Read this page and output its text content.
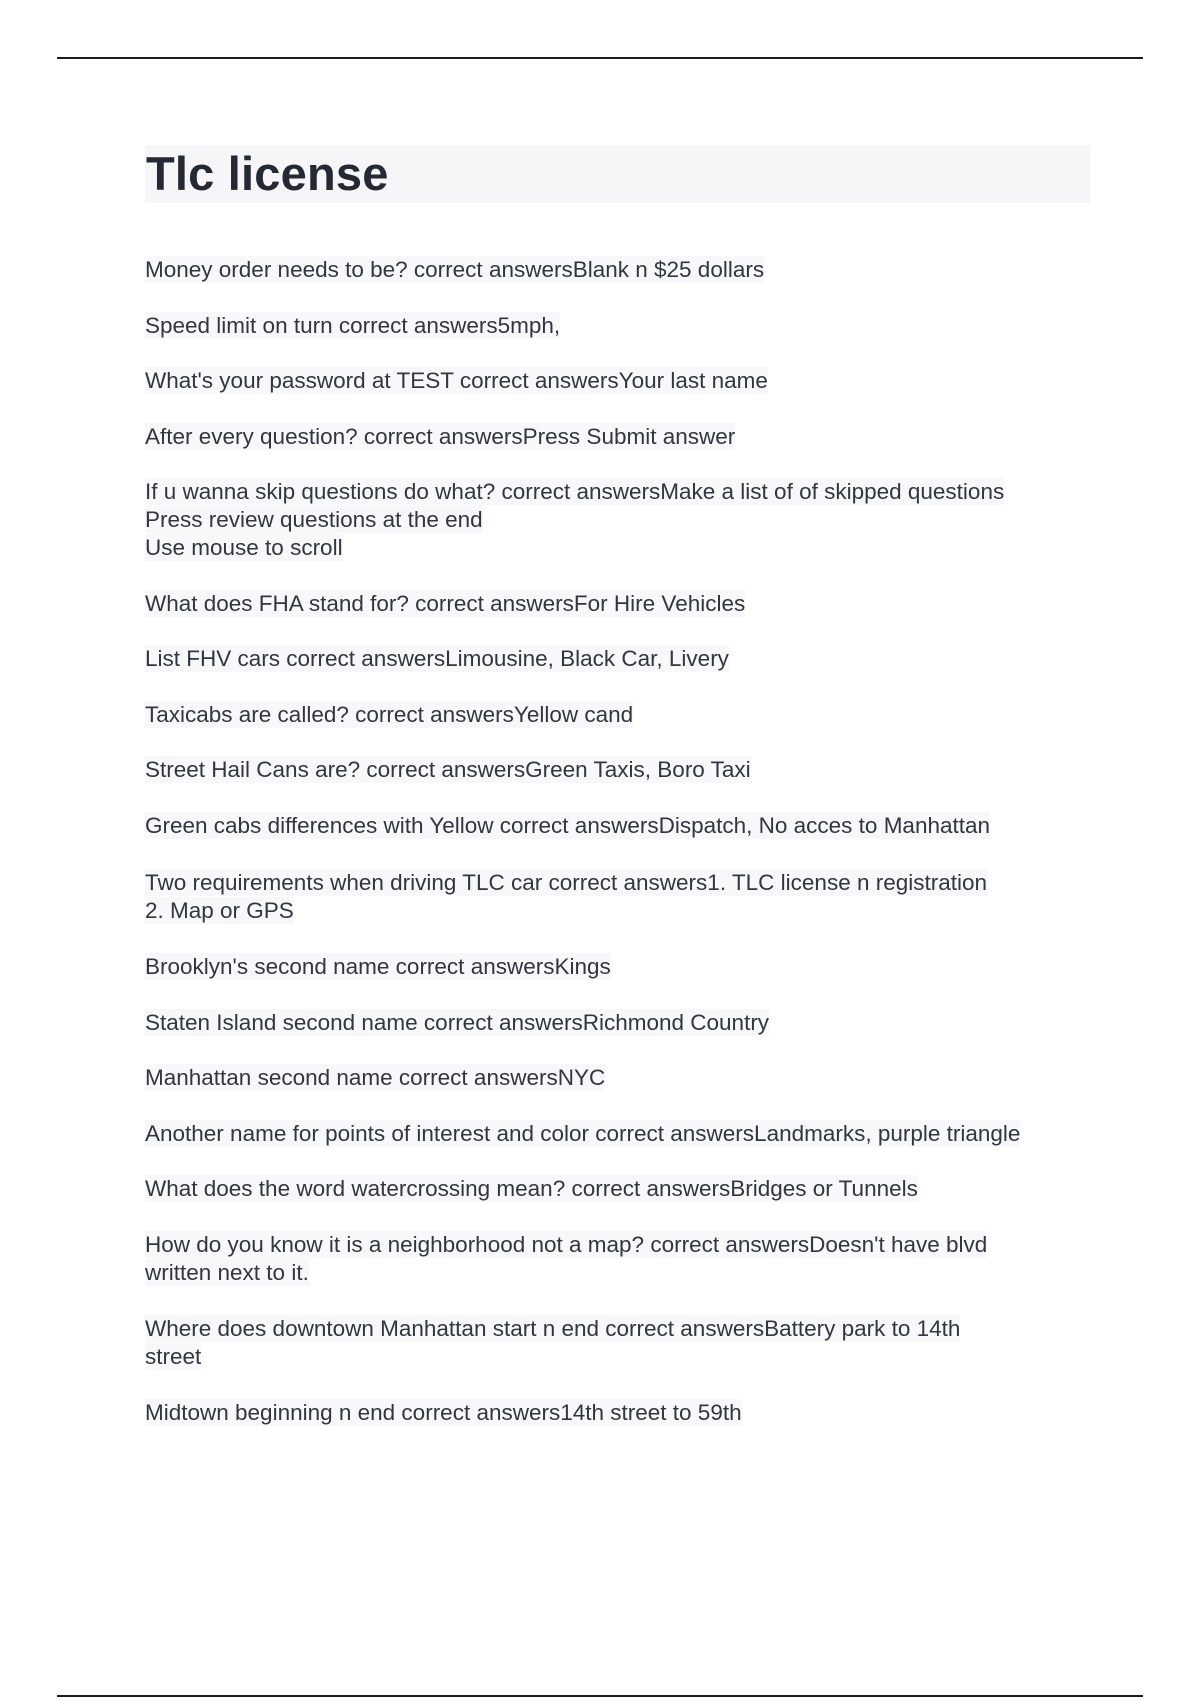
Tlc license
Money order needs to be? correct answersBlank n $25 dollars
Speed limit on turn correct answers5mph,
What's your password at TEST correct answersYour last name
After every question? correct answersPress Submit answer
If u wanna skip questions do what? correct answersMake a list of of skipped questions
Press review questions at the end
Use mouse to scroll
What does FHA stand for? correct answersFor Hire Vehicles
List FHV cars correct answersLimousine, Black Car, Livery
Taxicabs are called? correct answersYellow cand
Street Hail Cans are? correct answersGreen Taxis, Boro Taxi
Green cabs differences with Yellow correct answersDispatch, No acces to Manhattan
Two requirements when driving TLC car correct answers1. TLC license n registration
2. Map or GPS
Brooklyn's second name correct answersKings
Staten Island second name correct answersRichmond Country
Manhattan second name correct answersNYC
Another name for points of interest and color correct answersLandmarks, purple triangle
What does the word watercrossing mean? correct answersBridges or Tunnels
How do you know it is a neighborhood not a map? correct answersDoesn't have blvd
written next to it.
Where does downtown Manhattan start n end correct answersBattery park to 14th
street
Midtown beginning n end correct answers14th street to 59th
